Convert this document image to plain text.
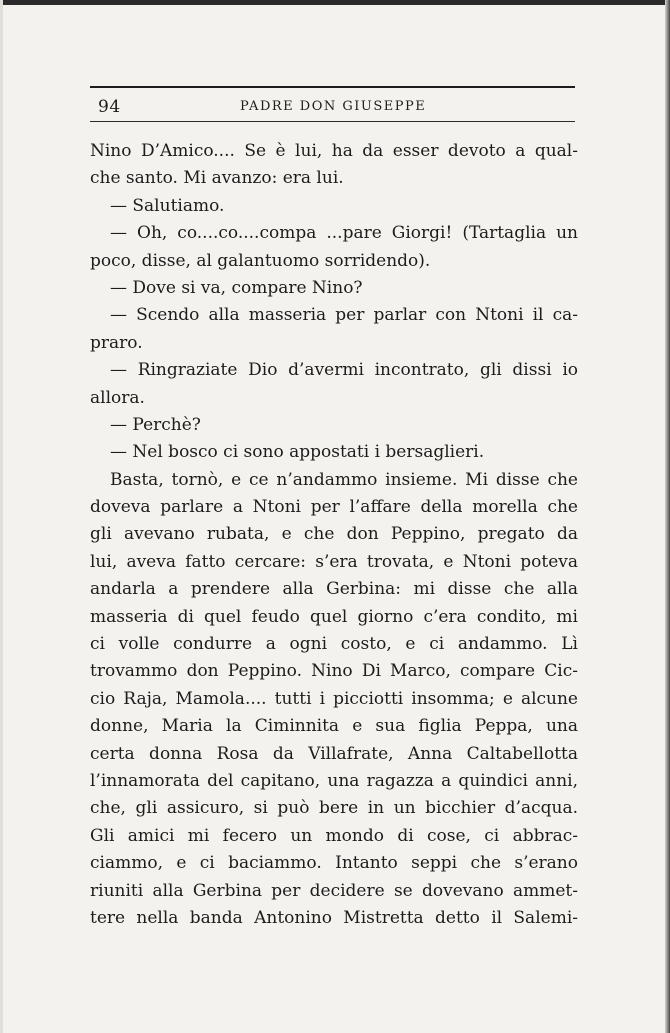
94	PADRE DON GIUSEPPE
Nino D’Amico.... Se è lui, ha da esser devoto a qual-
che santo. Mi avanzo: era lui.
— Salutiamo.
— Oh, co....co....compa ...pare Giorgi! (Tartaglia un
poco, disse, al galantuomo sorridendo).
— Dove si va, compare Nino?
— Scendo alla masseria per parlar con Ntoni il ca-
praro.
— Ringraziate Dio d’avermi incontrato, gli dissi io
allora.
— Perchè?
— Nel bosco ci sono appostati i bersaglieri.
Basta, tornò, e ce n’andammo insieme. Mi disse che
doveva parlare a Ntoni per l’affare della morella che
gli avevano rubata, e che don Peppino, pregato da
lui, aveva fatto cercare: s’era trovata, e Ntoni poteva
andarla a prendere alla Gerbina: mi disse che alla
masseria di quel feudo quel giorno c’era condito, mi
ci volle condurre a ogni costo, e ci andammo. Lì
trovammo don Peppino. Nino Di Marco, compare Cic-
cio Raja, Mamola.... tutti i picciotti insomma; e alcune
donne, Maria la Ciminnita e sua figlia Peppa, una
certa donna Rosa da Villafrate, Anna Caltabellotta
l’innamorata del capitano, una ragazza a quindici anni,
che, gli assicuro, si può bere in un bicchier d’acqua.
Gli amici mi fecero un mondo di cose, ci abbrac-
ciammo, e ci baciammo. Intanto seppi che s’erano
riuniti alla Gerbina per decidere se dovevano ammet-
tere nella banda Antonino Mistretta detto il Salemi-
